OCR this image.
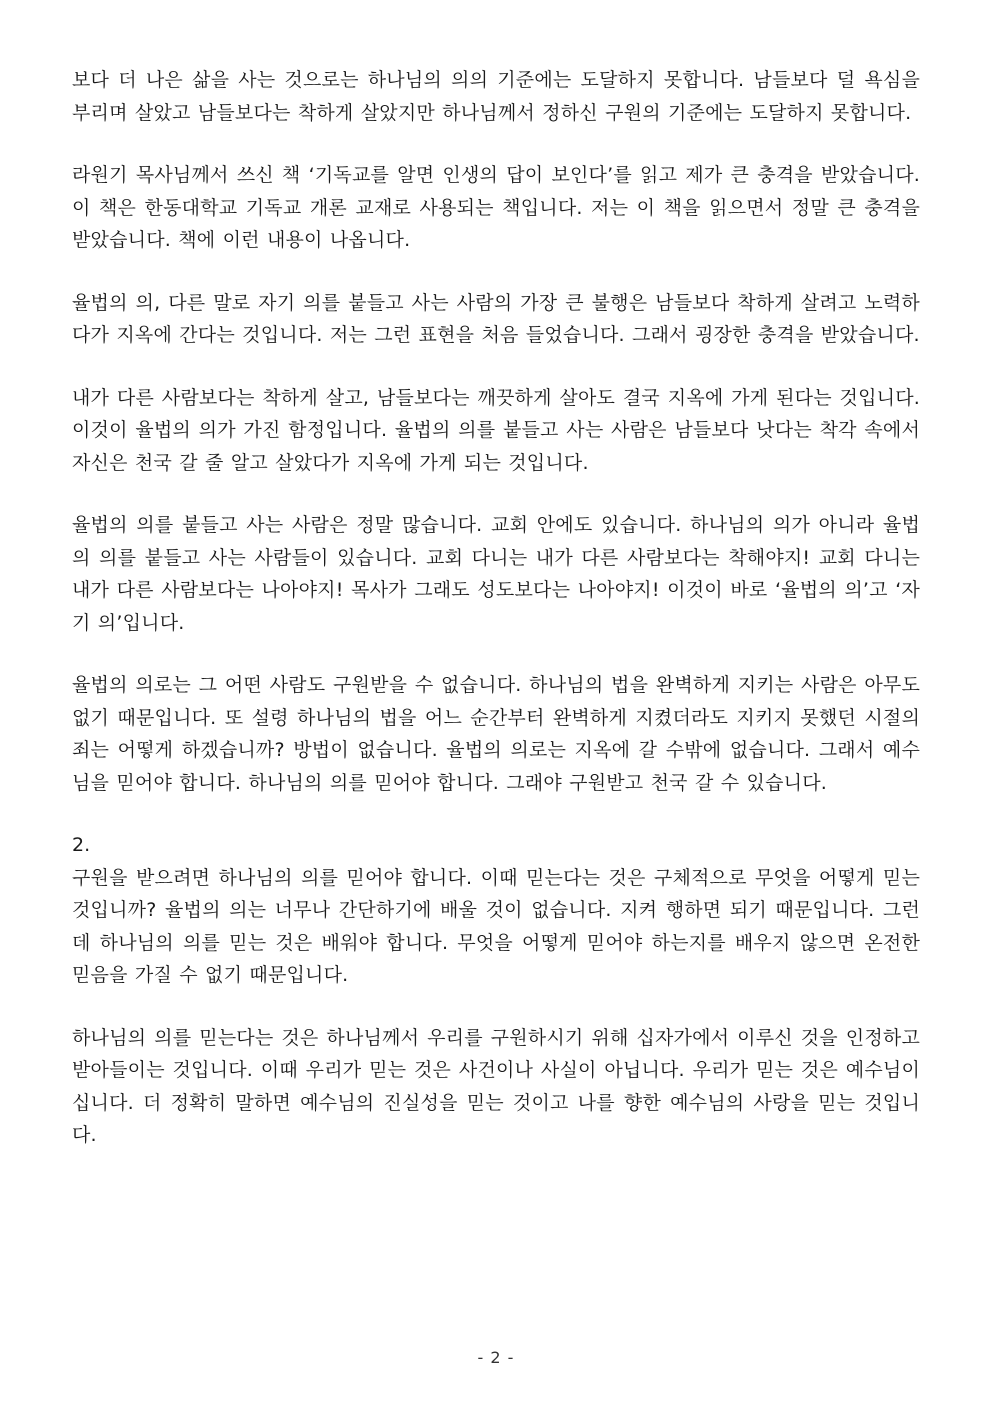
보다 더 나은 삶을 사는 것으로는 하나님의 의의 기준에는 도달하지 못합니다. 남들보다 덜 욕심을 부리며 살았고 남들보다는 착하게 살았지만 하나님께서 정하신 구원의 기준에는 도달하지 못합니다.

라원기 목사님께서 쓰신 책 ‘기독교를 알면 인생의 답이 보인다’를 읽고 제가 큰 충격을 받았습니다. 이 책은 한동대학교 기독교 개론 교재로 사용되는 책입니다. 저는 이 책을 읽으면서 정말 큰 충격을 받았습니다. 책에 이런 내용이 나옵니다.

율법의 의, 다른 말로 자기 의를 붙들고 사는 사람의 가장 큰 불행은 남들보다 착하게 살려고 노력하다가 지옥에 간다는 것입니다. 저는 그런 표현을 처음 들었습니다. 그래서 굉장한 충격을 받았습니다.

내가 다른 사람보다는 착하게 살고, 남들보다는 깨끗하게 살아도 결국 지옥에 가게 된다는 것입니다. 이것이 율법의 의가 가진 함정입니다. 율법의 의를 붙들고 사는 사람은 남들보다 낫다는 착각 속에서 자신은 천국 갈 줄 알고 살았다가 지옥에 가게 되는 것입니다.

율법의 의를 붙들고 사는 사람은 정말 많습니다. 교회 안에도 있습니다. 하나님의 의가 아니라 율법의 의를 붙들고 사는 사람들이 있습니다. 교회 다니는 내가 다른 사람보다는 착해야지! 교회 다니는 내가 다른 사람보다는 나아야지! 목사가 그래도 성도보다는 나아야지! 이것이 바로 ‘율법의 의’고 ‘자기 의’입니다.

율법의 의로는 그 어떤 사람도 구원받을 수 없습니다. 하나님의 법을 완벽하게 지키는 사람은 아무도 없기 때문입니다. 또 설령 하나님의 법을 어느 순간부터 완벽하게 지켰더라도 지키지 못했던 시절의 죄는 어떻게 하겠습니까? 방법이 없습니다. 율법의 의로는 지옥에 갈 수밖에 없습니다. 그래서 예수님을 믿어야 합니다. 하나님의 의를 믿어야 합니다. 그래야 구원받고 천국 갈 수 있습니다.

2.

구원을 받으려면 하나님의 의를 믿어야 합니다. 이때 믿는다는 것은 구체적으로 무엇을 어떻게 믿는 것입니까? 율법의 의는 너무나 간단하기에 배울 것이 없습니다. 지켜 행하면 되기 때문입니다. 그런데 하나님의 의를 믿는 것은 배워야 합니다. 무엇을 어떻게 믿어야 하는지를 배우지 않으면 온전한 믿음을 가질 수 없기 때문입니다.

하나님의 의를 믿는다는 것은 하나님께서 우리를 구원하시기 위해 십자가에서 이루신 것을 인정하고 받아들이는 것입니다. 이때 우리가 믿는 것은 사건이나 사실이 아닙니다. 우리가 믿는 것은 예수님이십니다. 더 정확히 말하면 예수님의 진실성을 믿는 것이고 나를 향한 예수님의 사랑을 믿는 것입니다.

- 2 -
